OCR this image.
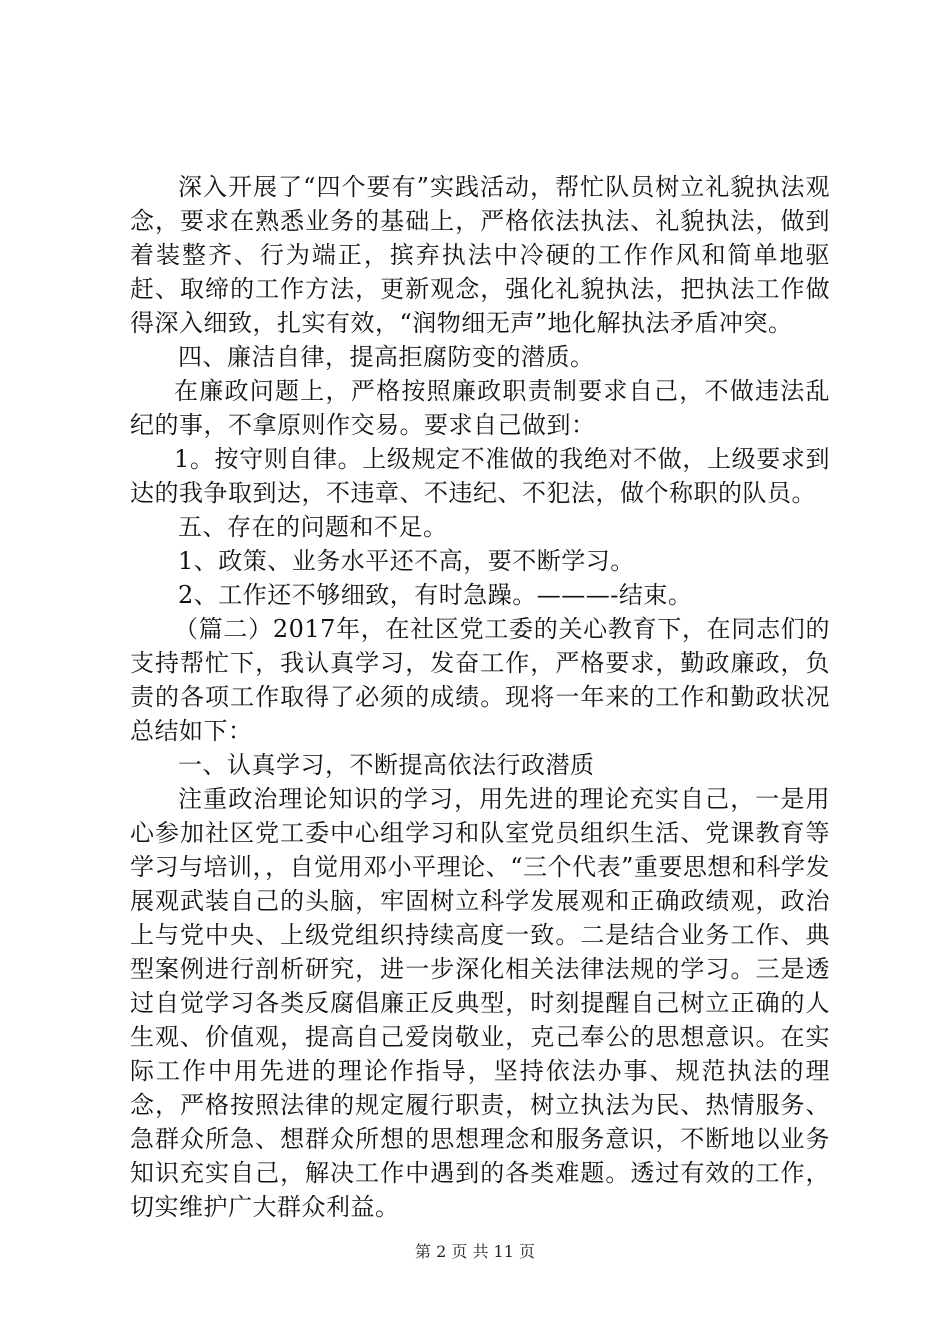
深入开展了“四个要有”实践活动，帮忙队员树立礼貌执法观念，要求在熟悉业务的基础上，严格依法执法、礼貌执法，做到着装整齐、行为端正，摈弃执法中冷硬的工作作风和简单地驱赶、取缔的工作方法，更新观念，强化礼貌执法，把执法工作做得深入细致，扎实有效，“润物细无声”地化解执法矛盾冲突。

四、廉洁自律，提高拒腐防变的潜质。

在廉政问题上，严格按照廉政职责制要求自己，不做违法乱纪的事，不拿原则作交易。要求自己做到：

1。按守则自律。上级规定不准做的我绝对不做，上级要求到达的我争取到达，不违章、不违纪、不犯法，做个称职的队员。

五、存在的问题和不足。

1、政策、业务水平还不高，要不断学习。

2、工作还不够细致，有时急躁。———-结束。

（篇二）2017年，在社区党工委的关心教育下，在同志们的支持帮忙下，我认真学习，发奋工作，严格要求，勤政廉政，负责的各项工作取得了必须的成绩。现将一年来的工作和勤政状况总结如下：

一、认真学习，不断提高依法行政潜质

注重政治理论知识的学习，用先进的理论充实自己，一是用心参加社区党工委中心组学习和队室党员组织生活、党课教育等学习与培训，，自觉用邓小平理论、“三个代表”重要思想和科学发展观武装自己的头脑，牢固树立科学发展观和正确政绩观，政治上与党中央、上级党组织持续高度一致。二是结合业务工作、典型案例进行剖析研究，进一步深化相关法律法规的学习。三是透过自觉学习各类反腐倡廉正反典型，时刻提醒自己树立正确的人生观、价值观，提高自己爱岗敬业，克己奉公的思想意识。在实际工作中用先进的理论作指导，坚持依法办事、规范执法的理念，严格按照法律的规定履行职责，树立执法为民、热情服务、急群众所急、想群众所想的思想理念和服务意识，不断地以业务知识充实自己，解决工作中遇到的各类难题。透过有效的工作，切实维护广大群众利益。

第 2 页 共 11 页
